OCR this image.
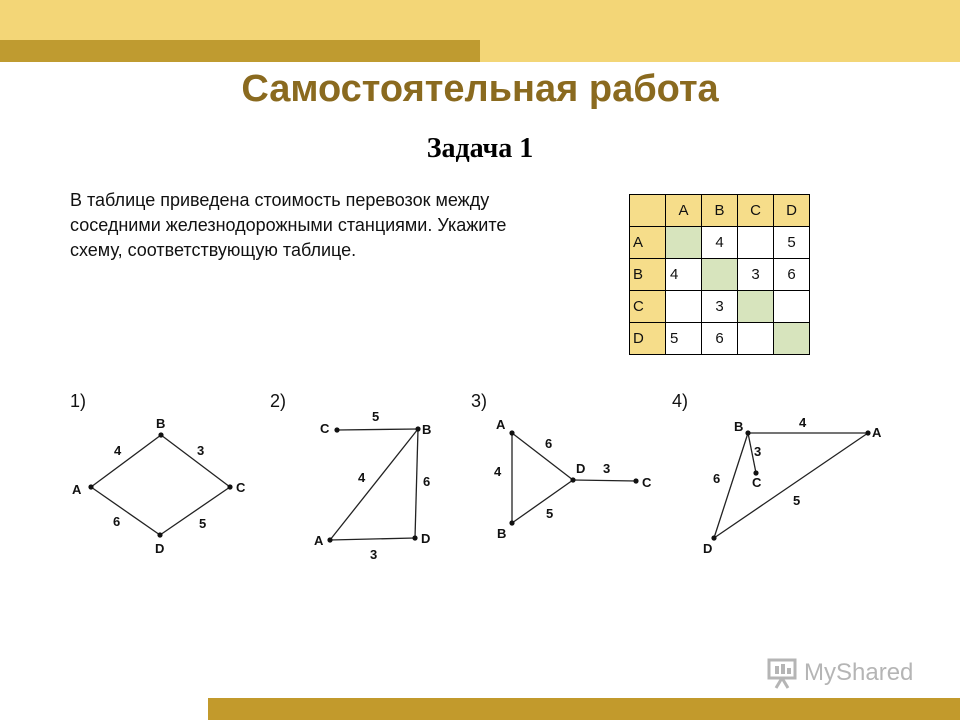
Самостоятельная работа
Задача 1
В таблице приведена стоимость перевозок между соседними железнодорожными станциями. Укажите схему, соответствующую таблице.
	A	B	C	D
A		4		5
B	4		3	6
C		3		
D	5	6		
1)	2)	3)	4)
A
B
C
D
4	3
6	5
C	B
A	D
5
4	6
3
A
D
B
C
6
4
5
3
B	A
C
D
4
3
6
5
MyShared
